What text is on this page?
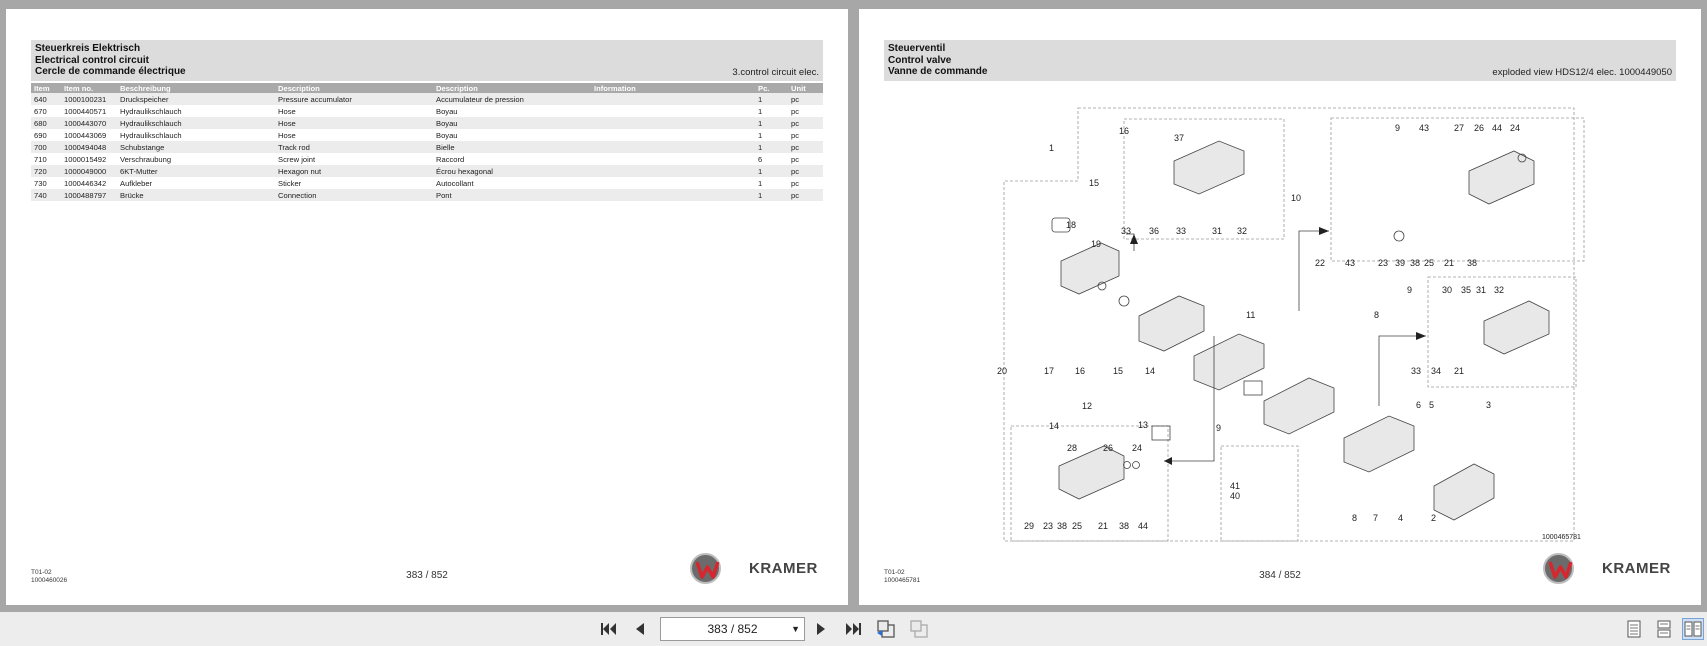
Steuerkreis Elektrisch
Electrical control circuit
Cercle de commande électrique	3.control circuit elec.
Item	Item no.	Beschreibung	Description	Description	Information	Pc.	Unit
640	1000100231	Druckspeicher	Pressure accumulator	Accumulateur de pression		1	pc
670	1000440571	Hydraulikschlauch	Hose	Boyau		1	pc
680	1000443070	Hydraulikschlauch	Hose	Boyau		1	pc
690	1000443069	Hydraulikschlauch	Hose	Boyau		1	pc
700	1000494048	Schubstange	Track rod	Bielle		1	pc
710	1000015492	Verschraubung	Screw joint	Raccord		6	pc
720	1000049000	6KT-Mutter	Hexagon nut	Écrou hexagonal		1	pc
730	1000446342	Aufkleber	Sticker	Autocollant		1	pc
740	1000488797	Brücke	Connection	Pont		1	pc
T01-02
1000460026	383 / 852	KRAMER
Steuerventil
Control valve
Vanne de commande	exploded view HDS12/4 elec. 1000449050
1
15
16
37
33 36 33	31 32
18
19
10
9 43	27 26 44 24
22 43	23 39 38 25 21 38
11	8
9	30 35 31 32
33 34 21
20	17 16	15 14
13
12
14
28	26 24
29 23 38 25 21 38 44
41
40
9
8 7 4	2
6 5	3
1000465781
T01-02
1000465781	384 / 852	KRAMER
383 / 852	▼
